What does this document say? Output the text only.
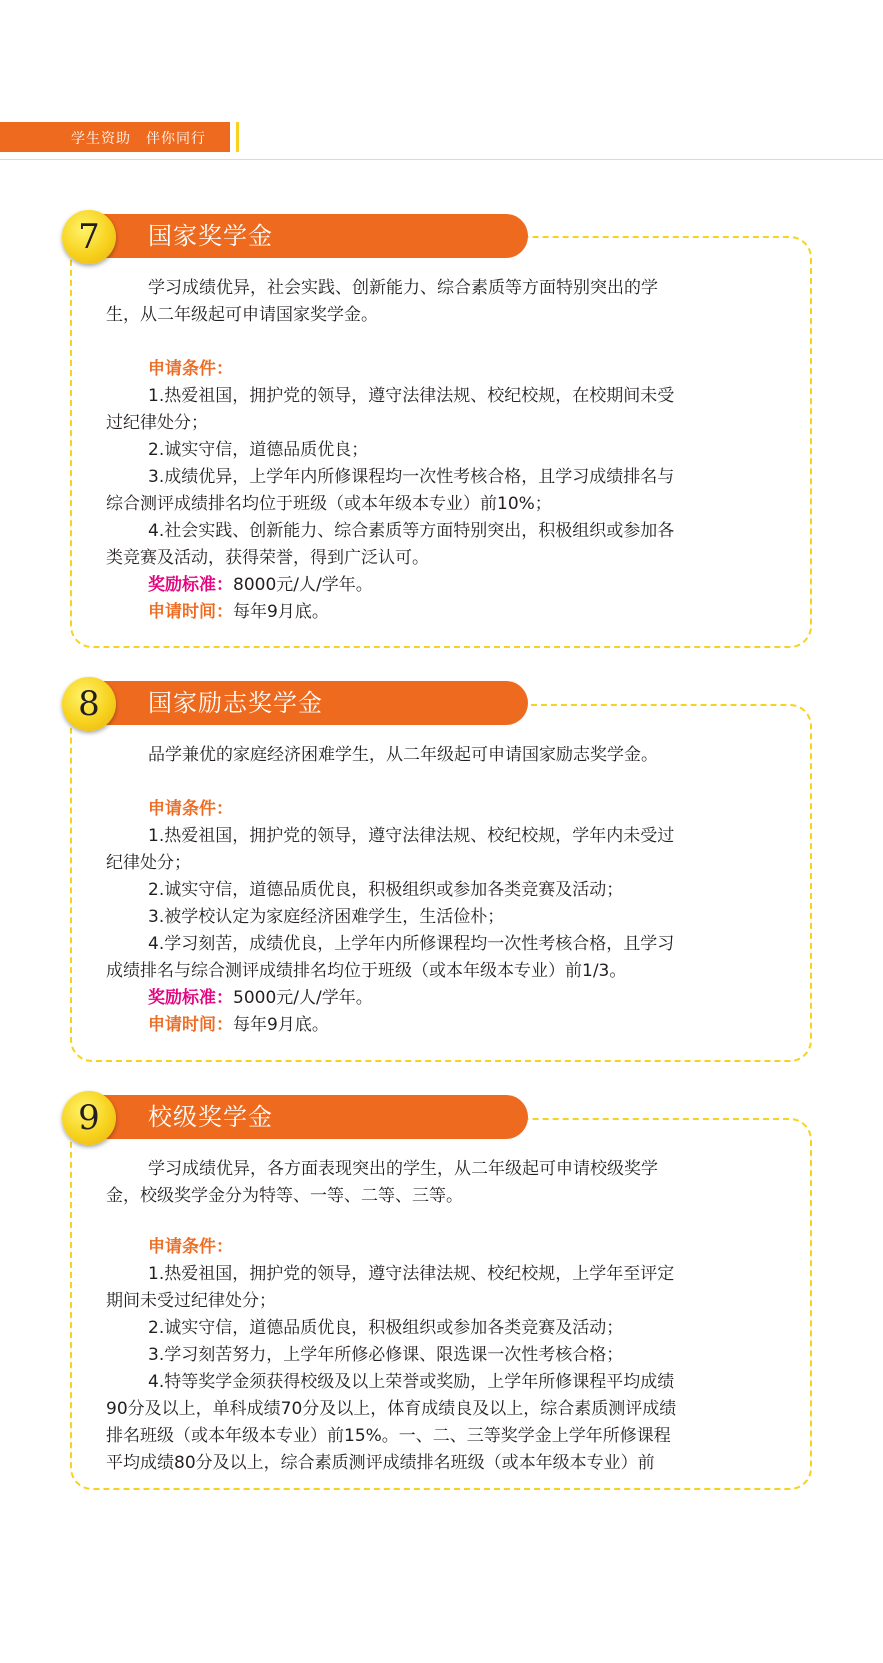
学生资助　伴你同行
国家奖学金
7
学习成绩优异，社会实践、创新能力、综合素质等方面特别突出的学
生，从二年级起可申请国家奖学金。
申请条件：
1.热爱祖国，拥护党的领导，遵守法律法规、校纪校规，在校期间未受
过纪律处分；
2.诚实守信，道德品质优良；
3.成绩优异，上学年内所修课程均一次性考核合格，且学习成绩排名与
综合测评成绩排名均位于班级（或本年级本专业）前10%；
4.社会实践、创新能力、综合素质等方面特别突出，积极组织或参加各
类竞赛及活动，获得荣誉，得到广泛认可。
奖励标准：8000元/人/学年。
申请时间：每年9月底。
国家励志奖学金
8
品学兼优的家庭经济困难学生，从二年级起可申请国家励志奖学金。
申请条件：
1.热爱祖国，拥护党的领导，遵守法律法规、校纪校规，学年内未受过
纪律处分；
2.诚实守信，道德品质优良，积极组织或参加各类竞赛及活动；
3.被学校认定为家庭经济困难学生，生活俭朴；
4.学习刻苦，成绩优良，上学年内所修课程均一次性考核合格，且学习
成绩排名与综合测评成绩排名均位于班级（或本年级本专业）前1/3。
奖励标准：5000元/人/学年。
申请时间：每年9月底。
校级奖学金
9
学习成绩优异，各方面表现突出的学生，从二年级起可申请校级奖学
金，校级奖学金分为特等、一等、二等、三等。
申请条件：
1.热爱祖国，拥护党的领导，遵守法律法规、校纪校规，上学年至评定
期间未受过纪律处分；
2.诚实守信，道德品质优良，积极组织或参加各类竞赛及活动；
3.学习刻苦努力，上学年所修必修课、限选课一次性考核合格；
4.特等奖学金须获得校级及以上荣誉或奖励，上学年所修课程平均成绩
90分及以上，单科成绩70分及以上，体育成绩良及以上，综合素质测评成绩
排名班级（或本年级本专业）前15%。一、二、三等奖学金上学年所修课程
平均成绩80分及以上，综合素质测评成绩排名班级（或本年级本专业）前
